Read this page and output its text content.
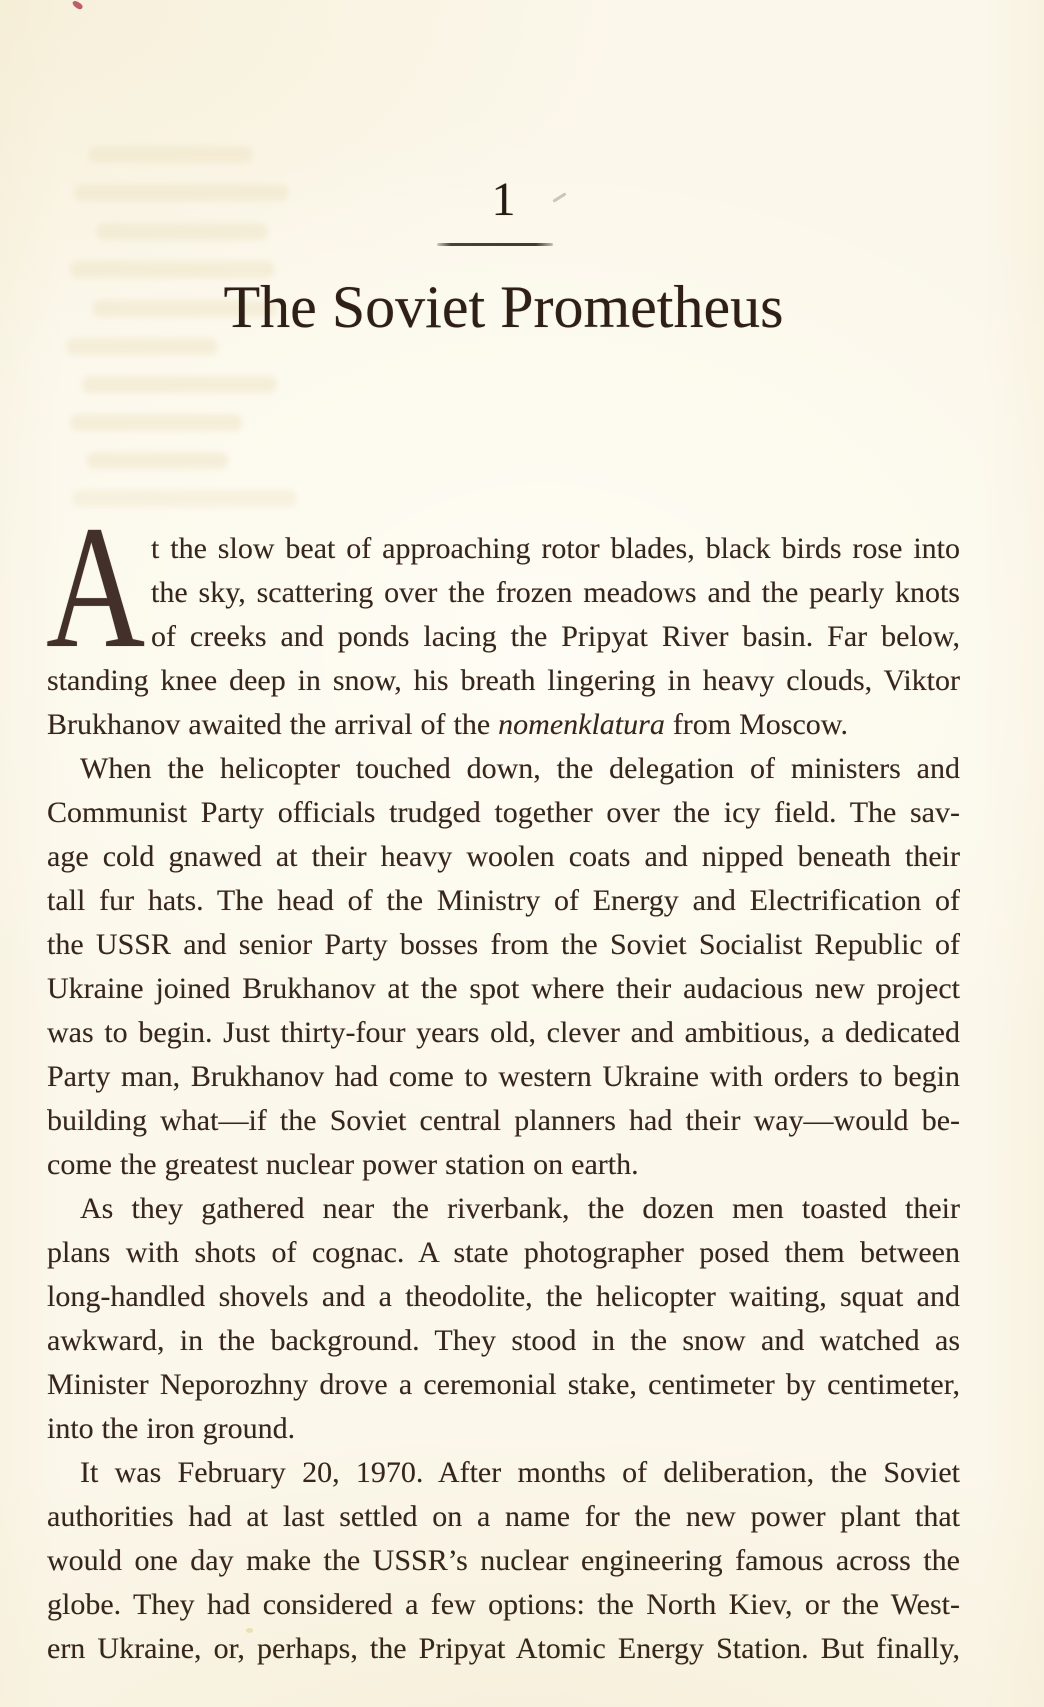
1
The Soviet Prometheus
A t the slow beat of approaching rotor blades, black birds rose into
the sky, scattering over the frozen meadows and the pearly knots
of creeks and ponds lacing the Pripyat River basin. Far below,
standing knee deep in snow, his breath lingering in heavy clouds, Viktor
Brukhanov awaited the arrival of the nomenklatura from Moscow.
When the helicopter touched down, the delegation of ministers and
Communist Party officials trudged together over the icy field. The sav-
age cold gnawed at their heavy woolen coats and nipped beneath their
tall fur hats. The head of the Ministry of Energy and Electrification of
the USSR and senior Party bosses from the Soviet Socialist Republic of
Ukraine joined Brukhanov at the spot where their audacious new project
was to begin. Just thirty-four years old, clever and ambitious, a dedicated
Party man, Brukhanov had come to western Ukraine with orders to begin
building what—if the Soviet central planners had their way—would be-
come the greatest nuclear power station on earth.
As they gathered near the riverbank, the dozen men toasted their
plans with shots of cognac. A state photographer posed them between
long-handled shovels and a theodolite, the helicopter waiting, squat and
awkward, in the background. They stood in the snow and watched as
Minister Neporozhny drove a ceremonial stake, centimeter by centimeter,
into the iron ground.
It was February 20, 1970. After months of deliberation, the Soviet
authorities had at last settled on a name for the new power plant that
would one day make the USSR’s nuclear engineering famous across the
globe. They had considered a few options: the North Kiev, or the West-
ern Ukraine, or, perhaps, the Pripyat Atomic Energy Station. But finally,
